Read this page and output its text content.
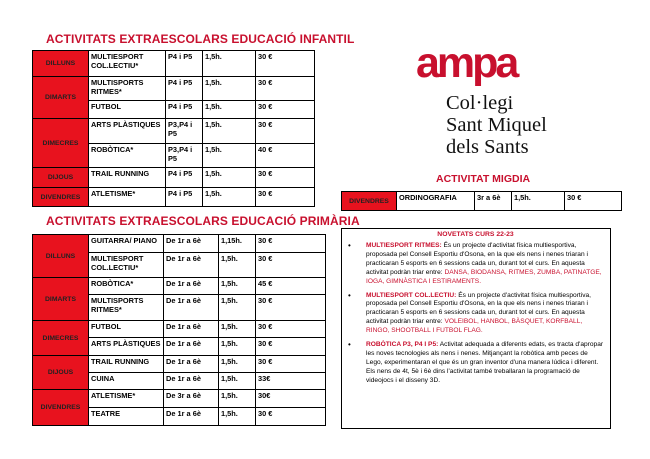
ACTIVITATS EXTRAESCOLARS EDUCACIÓ INFANTIL
DILLUNS	MULTIESPORT COL.LECTIU*	P4 i P5	1,5h.	30 €
DIMARTS	MULTISPORTS RITMES*	P4 i P5	1,5h.	30 €
	FUTBOL	P4 i P5	1,5h.	30 €
DIMECRES	ARTS PLÀSTIQUES	P3,P4 i P5	1,5h.	30 €
	ROBÒTICA*	P3,P4 i P5	1,5h.	40 €
DIJOUS	TRAIL RUNNING	P4 i P5	1,5h.	30 €
DIVENDRES	ATLETISME*	P4 i P5	1,5h.	30 €
ACTIVITATS EXTRAESCOLARS EDUCACIÓ PRIMÀRIA
DILLUNS	GUITARRA/ PIANO	De 1r a 6è	1,15h.	30 €
	MULTIESPORT COL.LECTIU*	De 1r a 6è	1,5h.	30 €
DIMARTS	ROBÒTICA*	De 1r a 6è	1,5h.	45 €
	MULTISPORTS RITMES*	De 1r a 6è	1,5h.	30 €
DIMECRES	FUTBOL	De 1r a 6è	1,5h.	30 €
	ARTS PLÀSTIQUES	De 1r a 6è	1,5h.	30 €
DIJOUS	TRAIL RUNNING	De 1r a 6è	1,5h.	30 €
	CUINA	De 1r a 6è	1,5h.	33€
DIVENDRES	ATLETISME*	De 3r a 6è	1,5h.	30€
	TEATRE	De 1r a 6è	1,5h.	30 €
ampa
Col·legi
Sant Miquel
dels Sants
ACTIVITAT MIGDIA
DIVENDRES	ORDINOGRAFIA	3r a 6è	1,5h.	30 €
NOVETATS CURS 22-23
• MULTIESPORT RITMES: És un projecte d'activitat física multiesportiva, proposada pel Consell Esportiu d'Osona, en la que els nens i nenes triaran i practicaran 5 esports en 6 sessions cada un, durant tot el curs. En aquesta activitat podràn triar entre: DANSA, BIODANSA, RITMES, ZUMBA, PATINATGE, IOGA, GIMNÀSTICA I ESTIRAMENTS.
• MULTIESPORT COL.LECTIU: És un projecte d'activitat física multiesportiva, proposada pel Consell Esportiu d'Osona, en la que els nens i nenes triaran i practicaran 5 esports en 6 sessions cada un, durant tot el curs. En aquesta activitat podràn triar entre: VOLEIBOL, HANBOL, BÀSQUET, KORFBALL, RINGO, SHOOTBALL I FUTBOL FLAG.
• ROBÒTICA P3, P4 I P5: Activitat adequada a diferents edats, es tracta d'apropar les noves tecnologies als nens i nenes. Mitjançant la robòtica amb peces de Lego, experimentaran el que és un gran inventor d'una manera lúdica i diferent. Els nens de 4t, 5è i 6è dins l'activitat també treballaran la programació de videojocs i el disseny 3D.
